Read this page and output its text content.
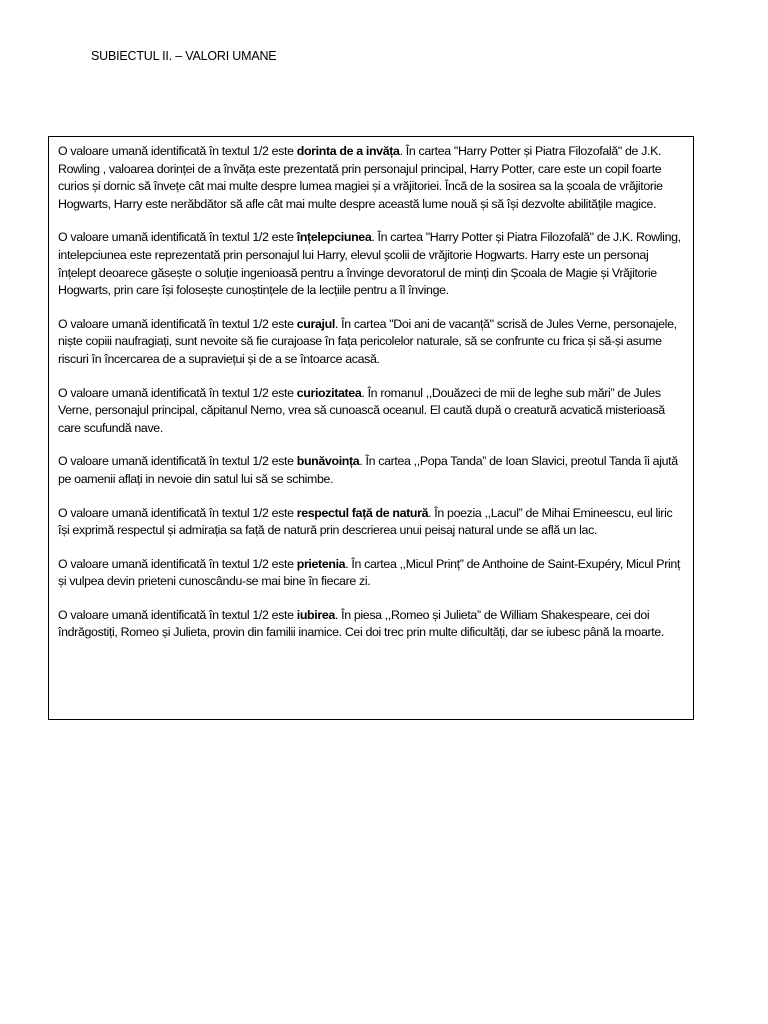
SUBIECTUL II. – VALORI UMANE

O valoare umană identificată în textul 1/2 este dorinta de a invăța. În cartea "Harry Potter și Piatra Filozofală" de J.K. Rowling , valoarea dorinței de a învăța este prezentată prin personajul principal, Harry Potter, care este un copil foarte curios și dornic să învețe cât mai multe despre lumea magiei și a vrăjitoriei. Încă de la sosirea sa la școala de vrăjitorie Hogwarts, Harry este nerăbdător să afle cât mai multe despre această lume nouă și să își dezvolte abilitățile magice.

O valoare umană identificată în textul 1/2 este înțelepciunea. În cartea "Harry Potter și Piatra Filozofală" de J.K. Rowling, intelepciunea este reprezentată prin personajul lui Harry, elevul școlii de vrăjitorie Hogwarts. Harry este un personaj înțelept deoarece găsește o soluție ingenioasă pentru a învinge devoratorul de minți din Școala de Magie și Vrăjitorie Hogwarts, prin care își folosește cunoștințele de la lecțiile pentru a îl învinge.

O valoare umană identificată în textul 1/2 este curajul. În cartea "Doi ani de vacanță" scrisă de Jules Verne, personajele, niște copiii naufragiați, sunt nevoite să fie curajoase în fața pericolelor naturale, să se confrunte cu frica și să-și asume riscuri în încercarea de a supraviețui și de a se întoarce acasă.

O valoare umană identificată în textul 1/2 este curiozitatea. În romanul ,,Douăzeci de mii de leghe sub mări” de Jules Verne, personajul principal, căpitanul Nemo, vrea să cunoască oceanul. El caută după o creatură acvatică misterioasă care scufundă nave.

O valoare umană identificată în textul 1/2 este bunăvoința. În cartea ,,Popa Tanda” de Ioan Slavici, preotul Tanda îi ajută pe oamenii aflați in nevoie din satul lui să se schimbe.

O valoare umană identificată în textul 1/2 este respectul față de natură. În poezia ,,Lacul” de Mihai Emineescu, eul liric își exprimă respectul și admirația sa față de natură prin descrierea unui peisaj natural unde se află un lac.

O valoare umană identificată în textul 1/2 este prietenia. În cartea ,,Micul Prinț” de Anthoine de Saint-Exupéry, Micul Prinț și vulpea devin prieteni cunoscându-se mai bine în fiecare zi.

O valoare umană identificată în textul 1/2 este iubirea. În piesa ,,Romeo și Julieta” de William Shakespeare, cei doi îndrăgostiți, Romeo și Julieta, provin din familii inamice. Cei doi trec prin multe dificultăți, dar se iubesc până la moarte.
